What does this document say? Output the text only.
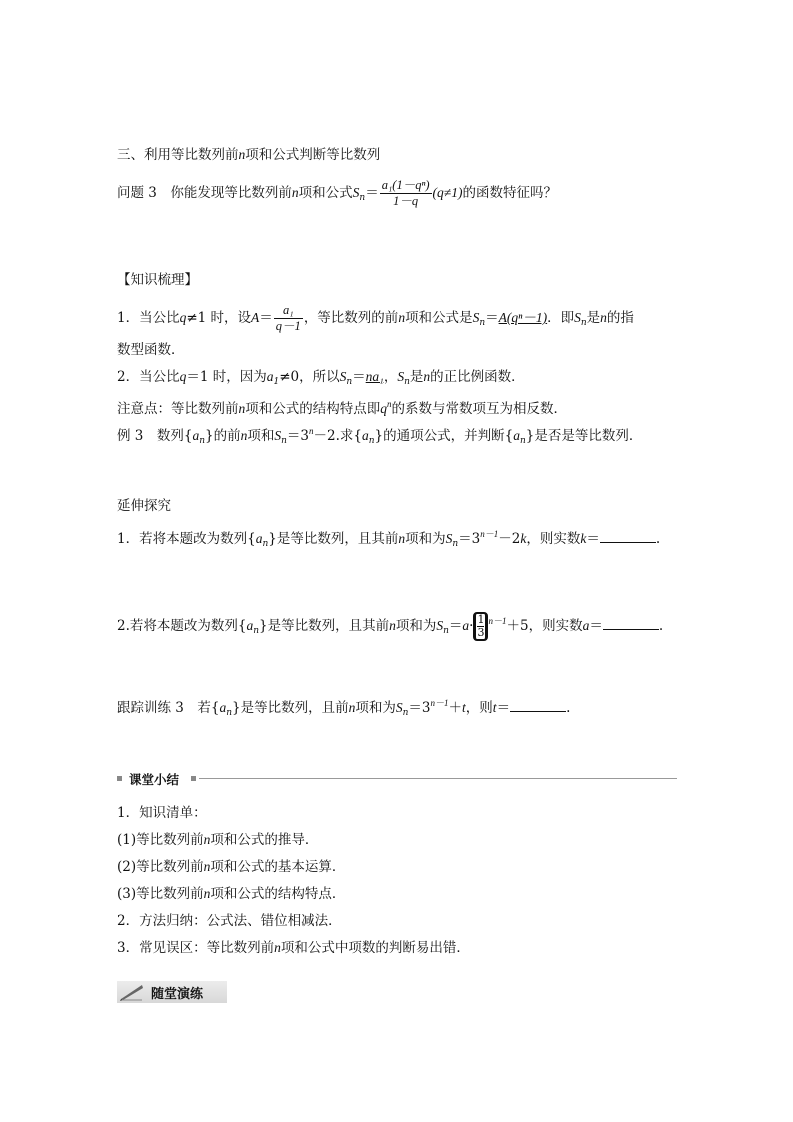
三、利用等比数列前n项和公式判断等比数列
问题 3　你能发现等比数列前n项和公式$S_n= \frac{\text{a₁(1－qⁿ)}}{1-q} (q\ne 1)$的函数特征吗？
【知识梳理】
1．当公比q≠1 时，设$A= \frac{\text{a₁}}{q-1}$ ，等比数列的前n项和公式是$S_n=A(q^n-1)$．即$S_n$是n的指
数型函数．
2．当公比q＝1 时，因为$a_1\ne 0$，所以$S_n=na_1$，$S_n$是n的正比例函数．
注意点：等比数列前n项和公式的结构特点即$q^n$的系数与常数项互为相反数．
例 3　数列$\{a_n\}$的前n项和$S_n=3^n-2$.求$\{a_n\}$的通项公式，并判断$\{a_n\}$是否是等比数列．
延伸探究
1．若将本题改为数列$\{a_n\}$是等比数列，且其前n项和为$S_n=3^{n-1}-2k$，则实数k＝	.
2.若将本题改为数列$\{a_n\}$是等比数列，且其前n项和为$S_n=a\cdot \frac{1}{3} ^{n-1}+5$，则实数a＝	.
跟踪训练 3　若$\{a_n\}$是等比数列，且前n项和为$S_n=3^{n-1}+t$，则t＝	.
课堂小结
1．知识清单：
(1)等比数列前n项和公式的推导．
(2)等比数列前n项和公式的基本运算．
(3)等比数列前n项和公式的结构特点．
2．方法归纳：公式法、错位相减法．
3．常见误区：等比数列前n项和公式中项数的判断易出错．
随堂演练
